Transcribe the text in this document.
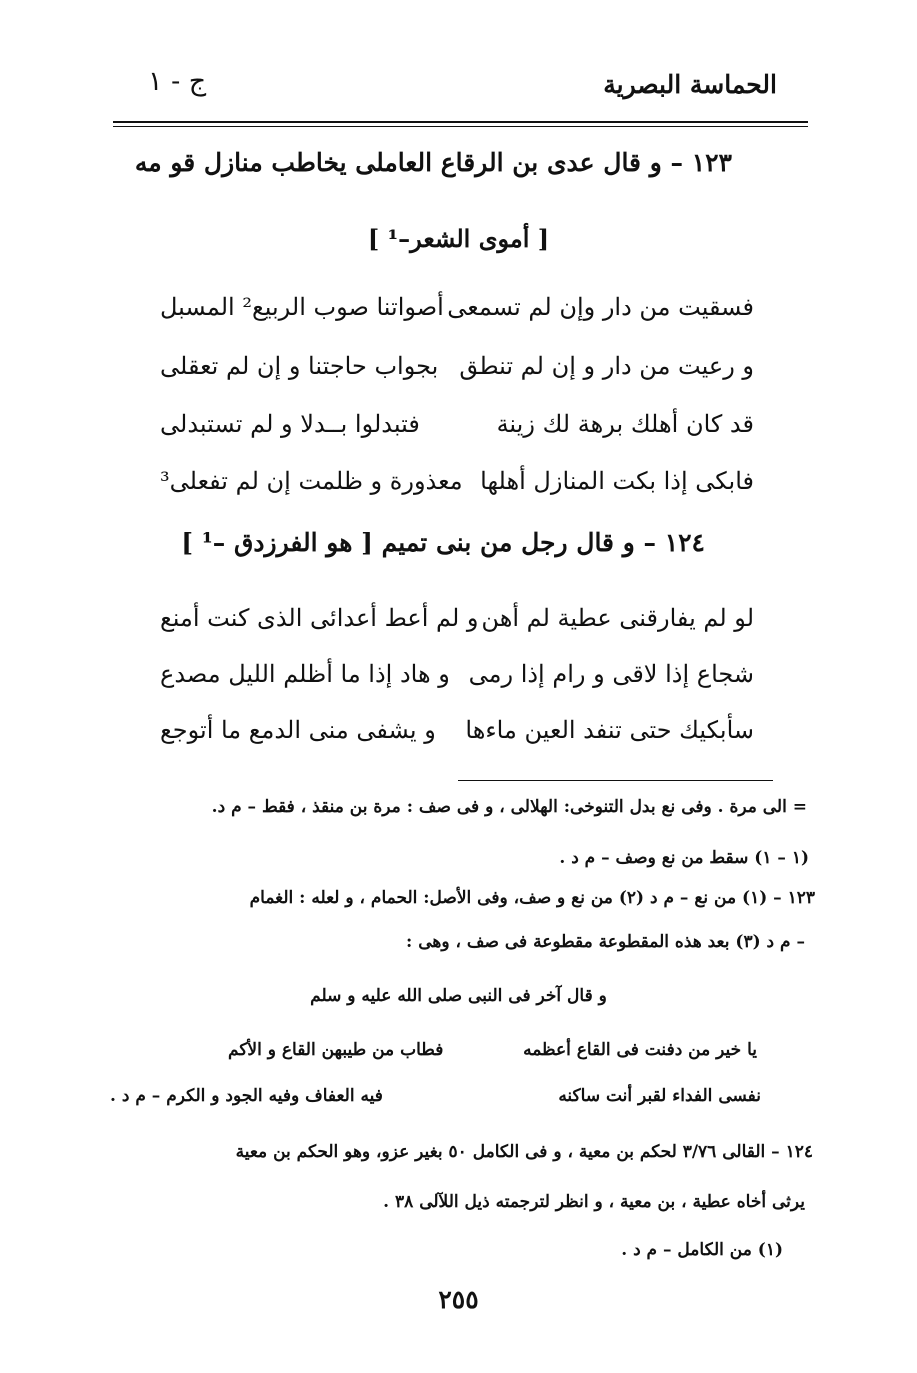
الحماسة البصرية
ج - ١
١٢٣ – و قال عدى بن الرقاع العاملى يخاطب منازل قو مه
[ أموى الشعر–¹ ]
فسقيت من دار وإن لم تسمعى
أصواتنا صوب الربيع² المسبل
و رعيت من دار و إن لم تنطق
بجواب حاجتنا و إن لم تعقلى
قد كان أهلك برهة لك زينة
فتبدلوا بــدلا و لم تستبدلى
فابكى إذا بكت المنازل أهلها
معذورة و ظلمت إن لم تفعلى³
١٢٤ – و قال رجل من بنى تميم [ هو الفرزدق –¹ ]
لو لم يفارقنى عطية لم أهن
و لم أعط أعدائى الذى كنت أمنع
شجاع إذا لاقى و رام إذا رمى
و هاد إذا ما أظلم الليل مصدع
سأبكيك حتى تنفد العين ماءها
و يشفى منى الدمع ما أتوجع
= الى مرة . وفى نع بدل التنوخى: الهلالى ، و فى صف : مرة بن منقذ ، فقط – م د.
(١ – ١) سقط من نع وصف – م د .
١٢٣ – (١) من نع – م د (٢) من نع و صف، وفى الأصل: الحمام ، و لعله : الغمام
– م د (٣) بعد هذه المقطوعة مقطوعة فى صف ، وهى :
و قال آخر فى النبى صلى الله عليه و سلم
يا خير من دفنت فى القاع أعظمه
فطاب من طيبهن القاع و الأكم
نفسى الفداء لقبر أنت ساكنه
فيه العفاف وفيه الجود و الكرم – م د .
١٢٤ – القالى ٣/٧٦ لحكم بن معية ، و فى الكامل ٥٠ بغير عزو، وهو الحكم بن معية
يرثى أخاه عطية ، بن معية ، و انظر لترجمته ذيل اللآلى ٣٨ .
(١) من الكامل – م د .
٢٥٥
